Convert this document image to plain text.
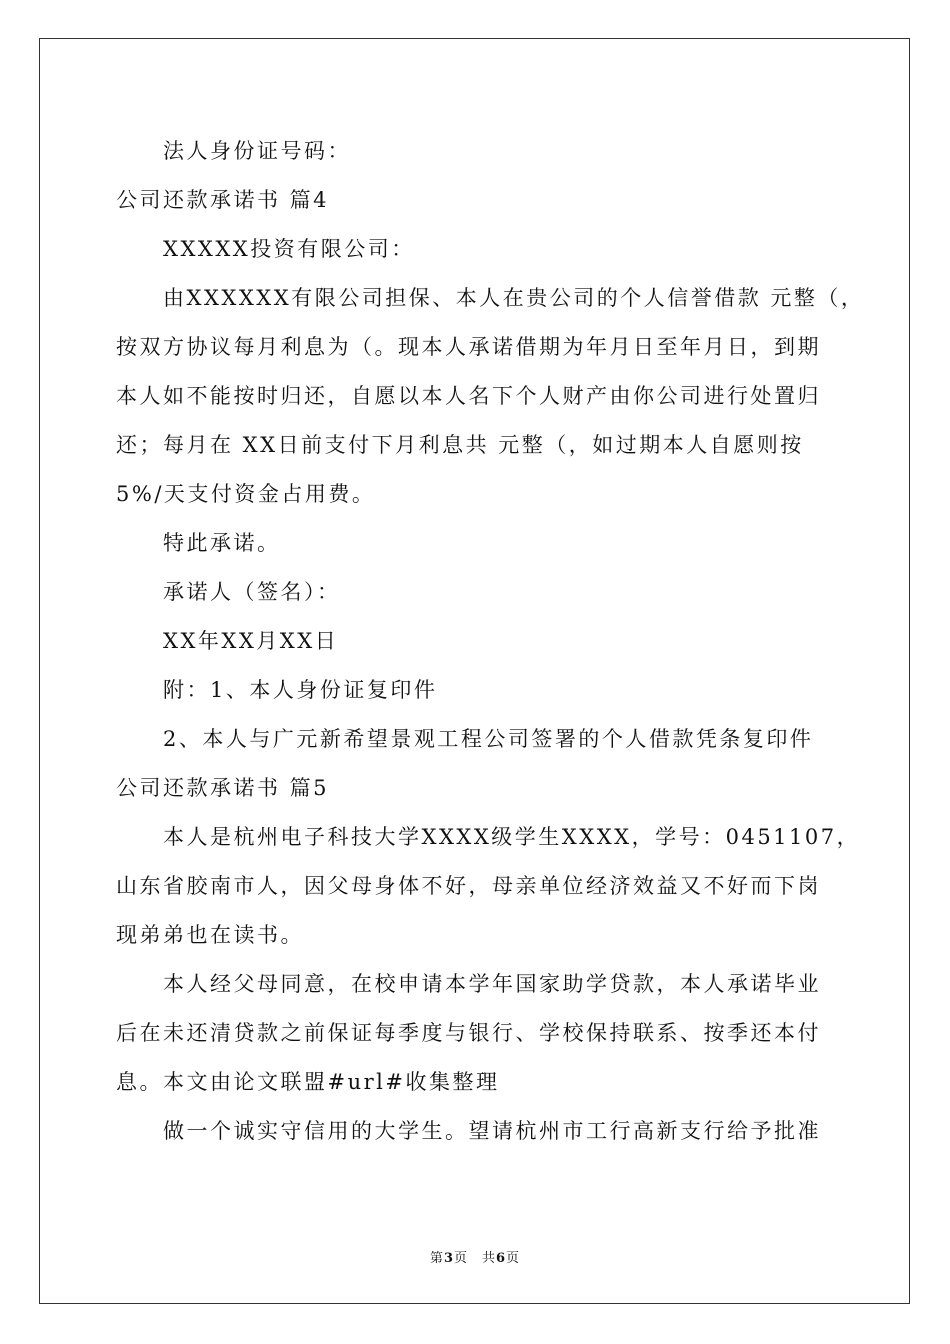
法人身份证号码：
公司还款承诺书 篇4
XXXXX投资有限公司：
由XXXXXX有限公司担保、本人在贵公司的个人信誉借款 元整（，
按双方协议每月利息为（。现本人承诺借期为年月日至年月日，到期
本人如不能按时归还，自愿以本人名下个人财产由你公司进行处置归
还；每月在 XX日前支付下月利息共 元整（，如过期本人自愿则按
5%/天支付资金占用费。
特此承诺。
承诺人（签名）：
XX年XX月XX日
附：1、本人身份证复印件
2、本人与广元新希望景观工程公司签署的个人借款凭条复印件
公司还款承诺书 篇5
本人是杭州电子科技大学XXXX级学生XXXX，学号：0451107，
山东省胶南市人，因父母身体不好，母亲单位经济效益又不好而下岗
现弟弟也在读书。
本人经父母同意，在校申请本学年国家助学贷款，本人承诺毕业
后在未还清贷款之前保证每季度与银行、学校保持联系、按季还本付
息。本文由论文联盟#url#收集整理
做一个诚实守信用的大学生。望请杭州市工行高新支行给予批准
第3页　共6页
